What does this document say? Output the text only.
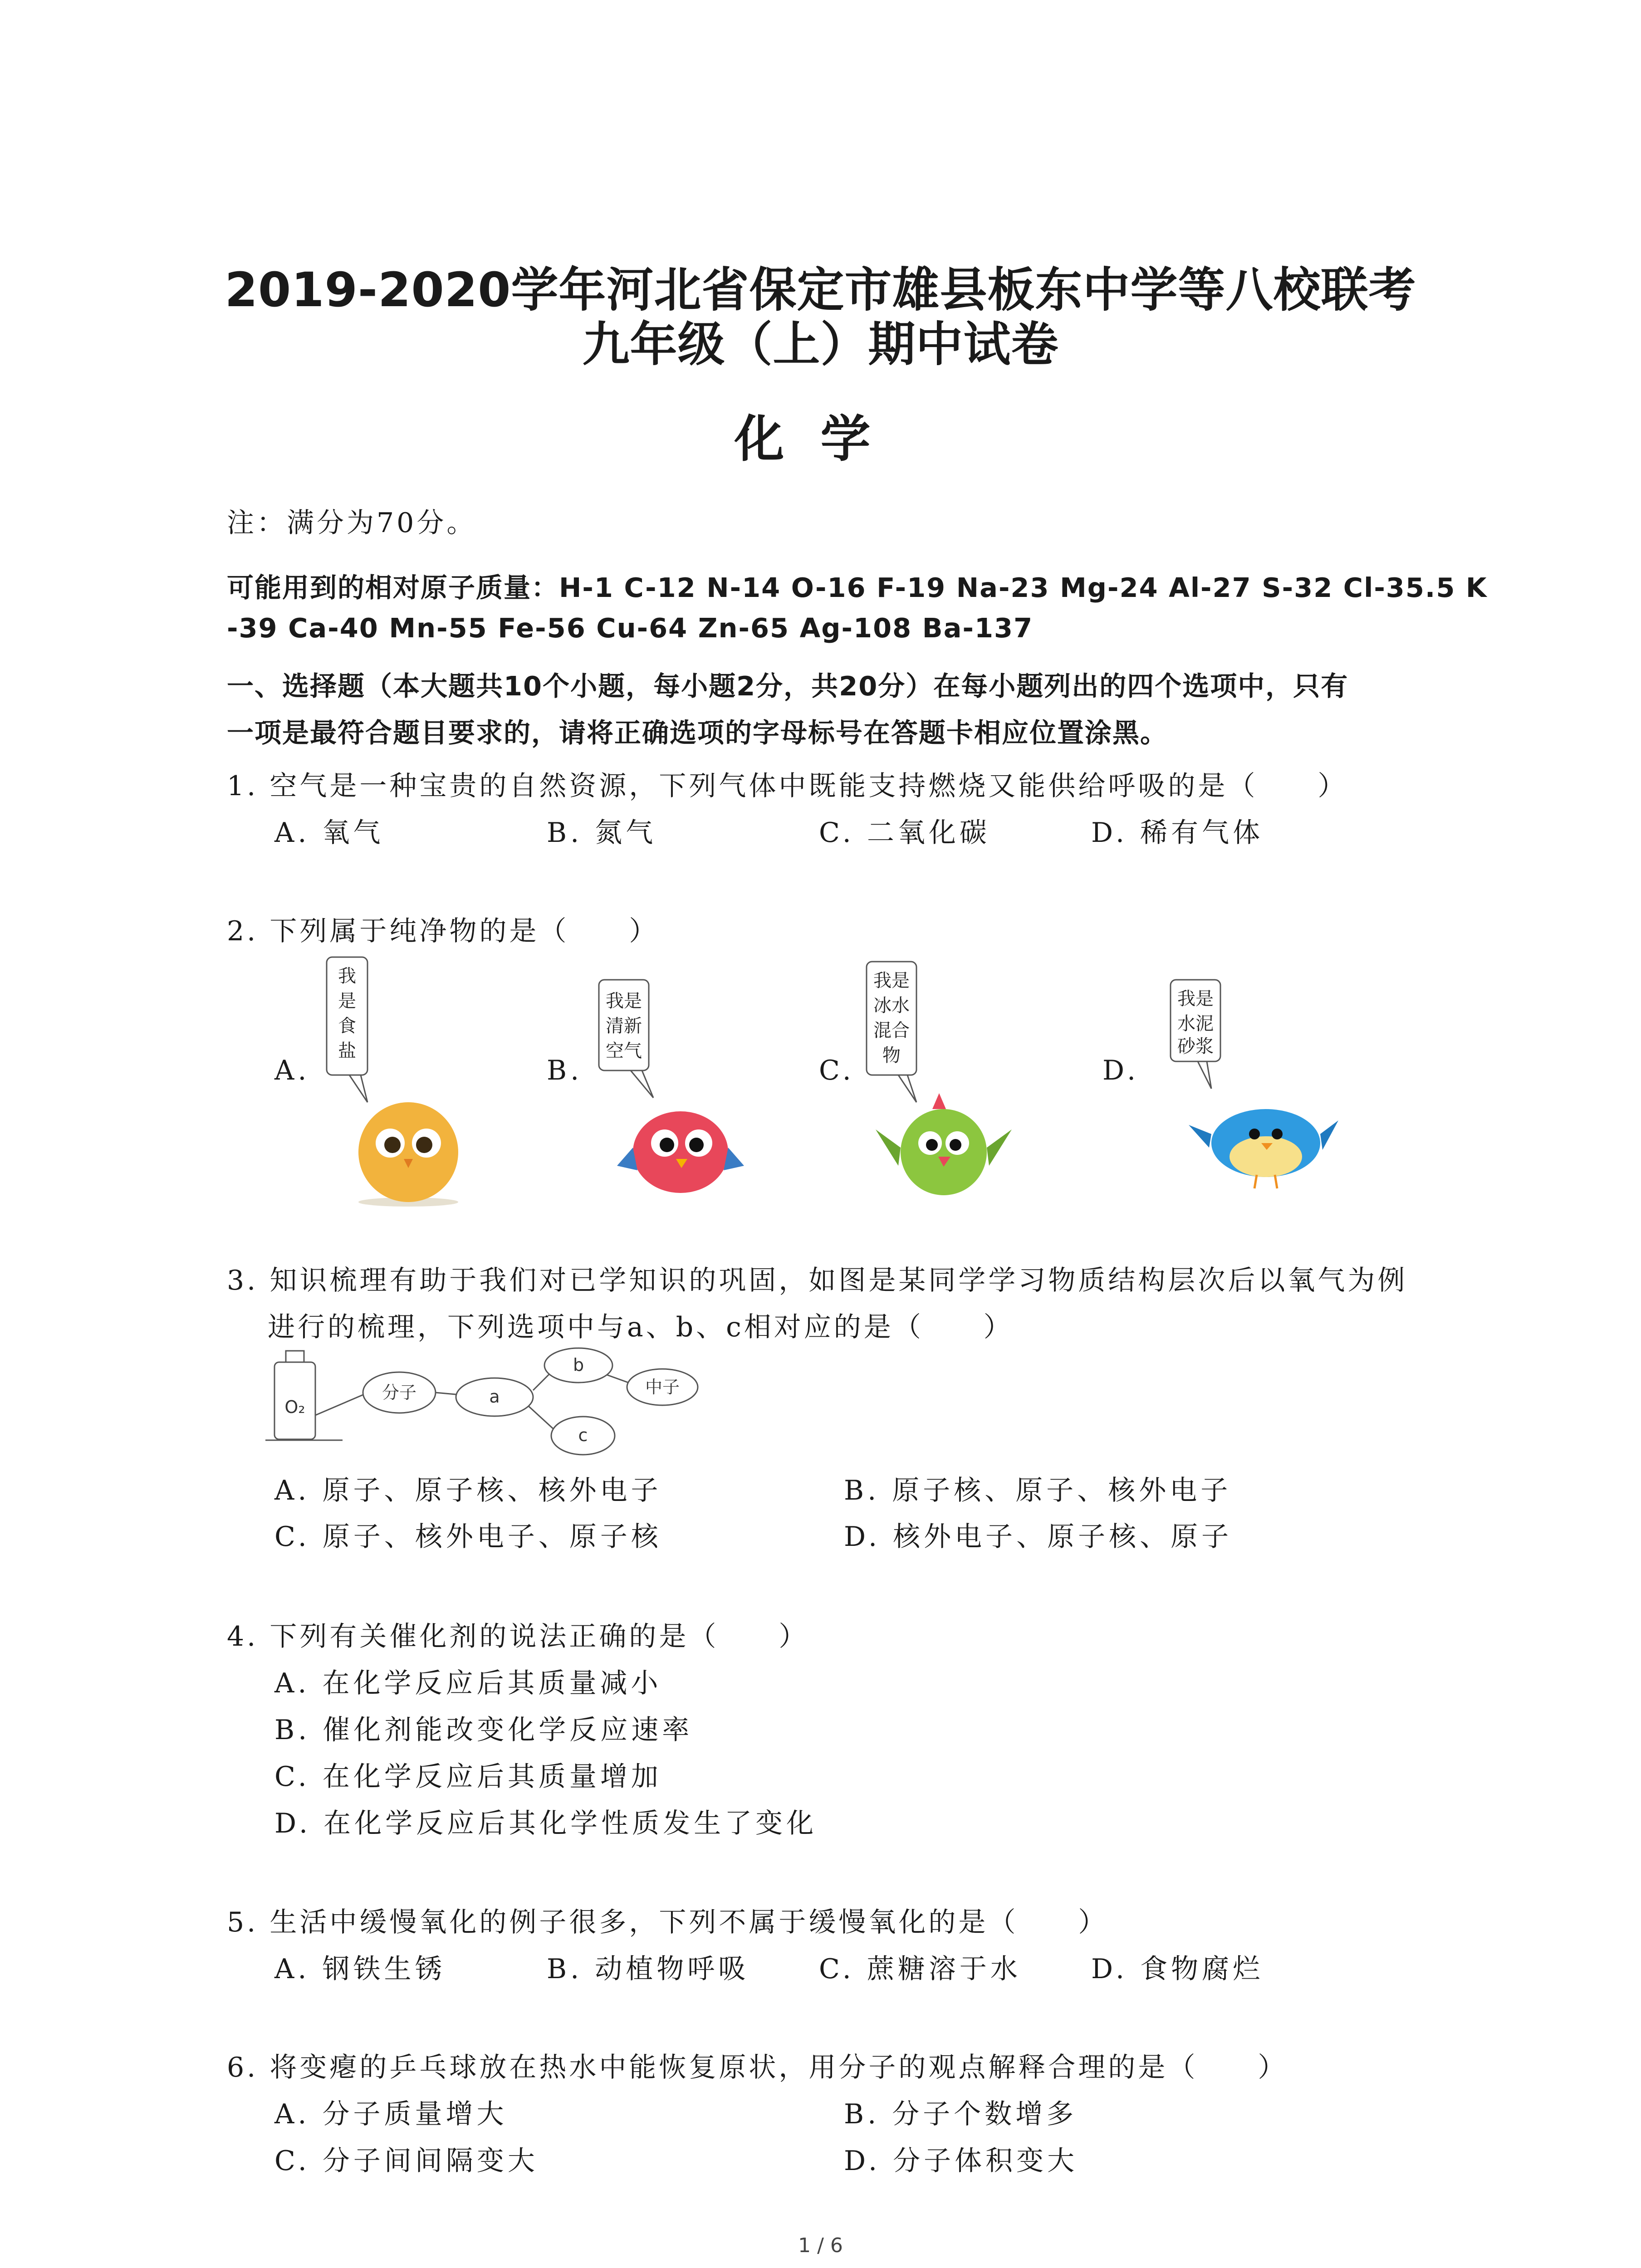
2019-2020学年河北省保定市雄县板东中学等八校联考
九年级（上）期中试卷
化学
注：满分为70分。
可能用到的相对原子质量：H-1 C-12 N-14 O-16 F-19 Na-23 Mg-24 Al-27 S-32 Cl-35.5 K
-39 Ca-40 Mn-55 Fe-56 Cu-64 Zn-65 Ag-108 Ba-137
一、选择题（本大题共10个小题，每小题2分，共20分）在每小题列出的四个选项中，只有
一项是最符合题目要求的，请将正确选项的字母标号在答题卡相应位置涂黑。
1. 空气是一种宝贵的自然资源，下列气体中既能支持燃烧又能供给呼吸的是（　　）
A. 氧气	B. 氮气	C. 二氧化碳	D. 稀有气体
2. 下列属于纯净物的是（　　）
A.	B.	C.	D.
我
是
食
盐
我是
清新
空气
我是
冰水
混合
物
我是
水泥
砂浆
3. 知识梳理有助于我们对已学知识的巩固，如图是某同学学习物质结构层次后以氧气为例
进行的梳理，下列选项中与a、b、c相对应的是（　　）
O₂
分子	a
b
c
中子
A. 原子、原子核、核外电子	B. 原子核、原子、核外电子
C. 原子、核外电子、原子核	D. 核外电子、原子核、原子
4. 下列有关催化剂的说法正确的是（　　）
A. 在化学反应后其质量减小
B. 催化剂能改变化学反应速率
C. 在化学反应后其质量增加
D. 在化学反应后其化学性质发生了变化
5. 生活中缓慢氧化的例子很多，下列不属于缓慢氧化的是（　　）
A. 钢铁生锈	B. 动植物呼吸	C. 蔗糖溶于水	D. 食物腐烂
6. 将变瘪的乒乓球放在热水中能恢复原状，用分子的观点解释合理的是（　　）
A. 分子质量增大	B. 分子个数增多
C. 分子间间隔变大	D. 分子体积变大
1 / 6
